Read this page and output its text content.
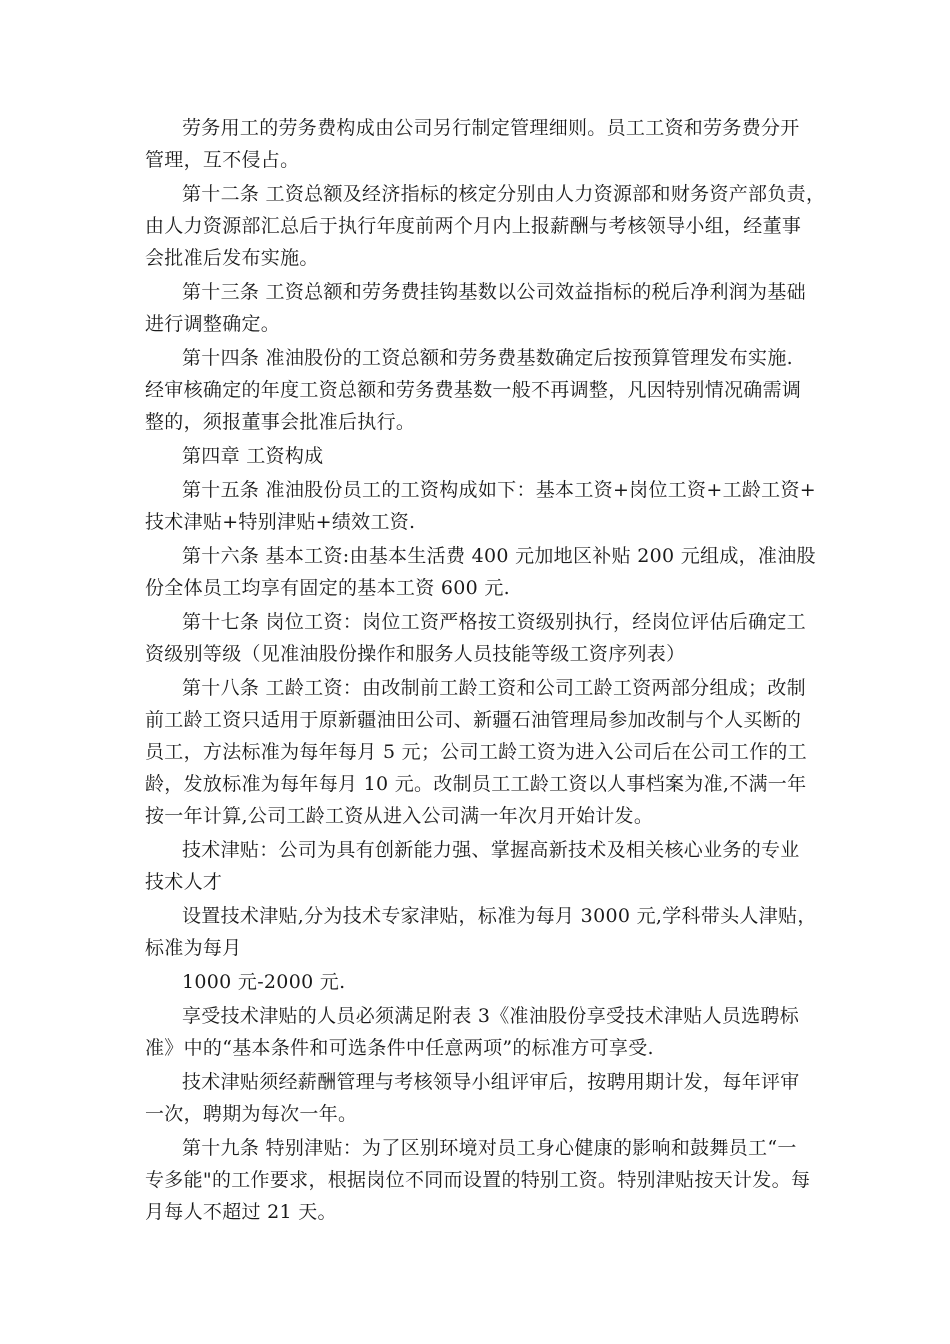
劳务用工的劳务费构成由公司另行制定管理细则。员工工资和劳务费分开
管理，互不侵占。
第十二条 工资总额及经济指标的核定分别由人力资源部和财务资产部负责，
由人力资源部汇总后于执行年度前两个月内上报薪酬与考核领导小组，经董事
会批准后发布实施。
第十三条 工资总额和劳务费挂钩基数以公司效益指标的税后净利润为基础
进行调整确定。
第十四条 准油股份的工资总额和劳务费基数确定后按预算管理发布实施.
经审核确定的年度工资总额和劳务费基数一般不再调整，凡因特别情况确需调
整的，须报董事会批准后执行。
第四章 工资构成
第十五条 准油股份员工的工资构成如下：基本工资+岗位工资+工龄工资+
技术津贴+特别津贴+绩效工资.
第十六条 基本工资:由基本生活费 400 元加地区补贴 200 元组成，准油股
份全体员工均享有固定的基本工资 600 元.
第十七条 岗位工资：岗位工资严格按工资级别执行，经岗位评估后确定工
资级别等级（见准油股份操作和服务人员技能等级工资序列表）
第十八条 工龄工资：由改制前工龄工资和公司工龄工资两部分组成；改制
前工龄工资只适用于原新疆油田公司、新疆石油管理局参加改制与个人买断的
员工，方法标准为每年每月 5 元；公司工龄工资为进入公司后在公司工作的工
龄，发放标准为每年每月 10 元。改制员工工龄工资以人事档案为准,不满一年
按一年计算,公司工龄工资从进入公司满一年次月开始计发。
技术津贴：公司为具有创新能力强、掌握高新技术及相关核心业务的专业
技术人才
设置技术津贴,分为技术专家津贴，标准为每月 3000 元,学科带头人津贴，
标准为每月
1000 元-2000 元.
享受技术津贴的人员必须满足附表 3《准油股份享受技术津贴人员选聘标
准》中的“基本条件和可选条件中任意两项”的标准方可享受.
技术津贴须经薪酬管理与考核领导小组评审后，按聘用期计发，每年评审
一次，聘期为每次一年。
第十九条 特别津贴：为了区别环境对员工身心健康的影响和鼓舞员工“一
专多能"的工作要求，根据岗位不同而设置的特别工资。特别津贴按天计发。每
月每人不超过 21 天。
